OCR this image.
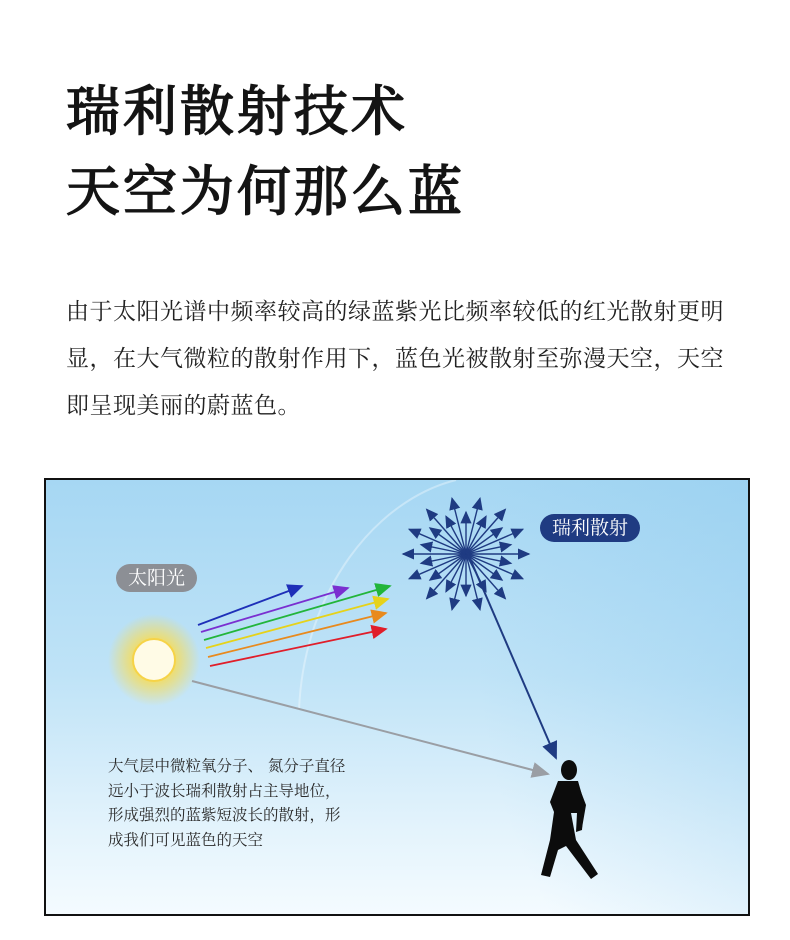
瑞利散射技术
天空为何那么蓝
由于太阳光谱中频率较高的绿蓝紫光比频率较低的红光散射更明显，在大气微粒的散射作用下，蓝色光被散射至弥漫天空，天空即呈现美丽的蔚蓝色。
太阳光
瑞利散射
大气层中微粒氧分子、 氮分子直径远小于波长瑞利散射占主导地位，形成强烈的蓝紫短波长的散射，形成我们可见蓝色的天空
